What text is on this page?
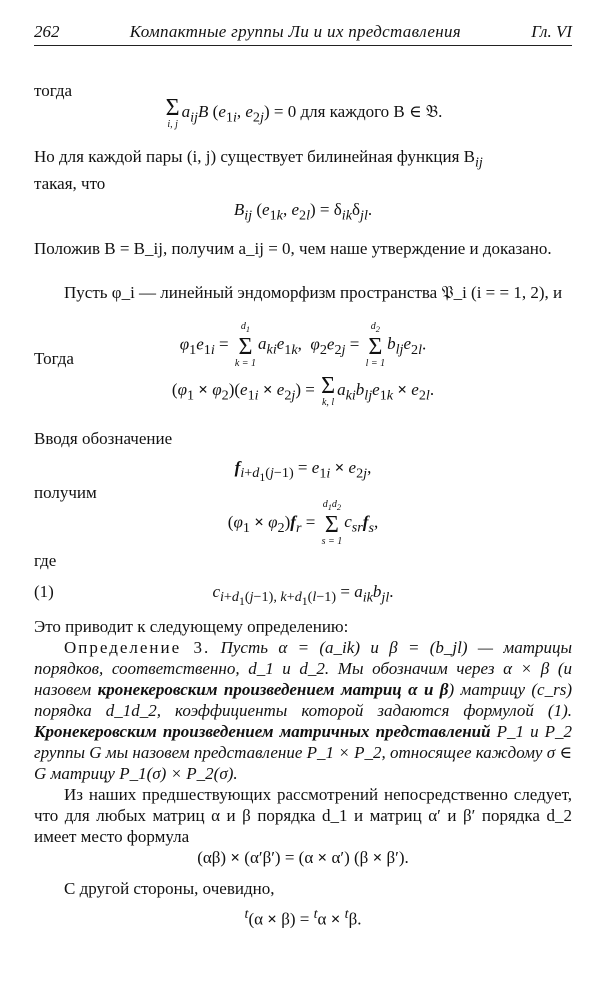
262	Компактные группы Ли и их представления	Гл. VI
тогда
Σ
i, j
$a_{ij}B$ ($e_{1i}$, $e_{2j}) = 0$ для каждого B ∈ 𝔅.
Но для каждой пары (i, j) существует билинейная функция $B_{ij}$
такая, что
$B_{ij}$ ($e_{1k}$, $e_{2l}) = \delta_{ik}\delta_{jl}$.
Положив B = B_ij, получим a_ij = 0, чем наше утверждение и доказано.
Пусть φ_i — линейный эндоморфизм пространства 𝔓_i (i = = 1, 2), и
$\varphi_1e_{1i}$ =
$d_1$
Σ
k = 1
$a_{ki}e_{1k}$,  $\varphi_2e_{2j}$ =
$d_2$
Σ
l = 1
$b_{lj}e_{2l}$.
Тогда
$(\varphi_1 \times \varphi_2)(e_{1i} \times e_{2j}) = \Sigma$
k, l
$a_{ki}b_{lj}e_{1k} \times e_{2l}$.
Вводя обозначение
$f_{i+d_1(j-1)} = e_{1i} \times e_{2j}$,
получим
$(\varphi_1 \times \varphi_2)f_r$ =
$d_1d_2$
Σ
s = 1
$c_{sr}f_s$,
где
(1)	$c_{i+d_1(j-1), k+d_1(l-1)} = a_{ik}b_{jl}$.
Это приводит к следующему определению:
Определение 3. Пусть α = (a_ik) и β = (b_jl) — матрицы порядков, соответственно, d_1 и d_2. Мы обозначим через α × β (и назовем кронекеровским произведением матриц α и β) матрицу (c_rs) порядка d_1d_2, коэффициенты которой задаются формулой (1). Кронекеровским произведением матричных представлений P_1 и P_2 группы G мы назовем представление P_1 × P_2, относящее каждому σ ∈ G матрицу P_1(σ) × P_2(σ).
Из наших предшествующих рассмотрений непосредственно следует, что для любых матриц α и β порядка d_1 и матриц α′ и β′ порядка d_2 имеет место формула
(αβ) × (α′β′) = (α × α′) (β × β′).
С другой стороны, очевидно,
$^t$(α × β) = $^t$α × $^t$β.
